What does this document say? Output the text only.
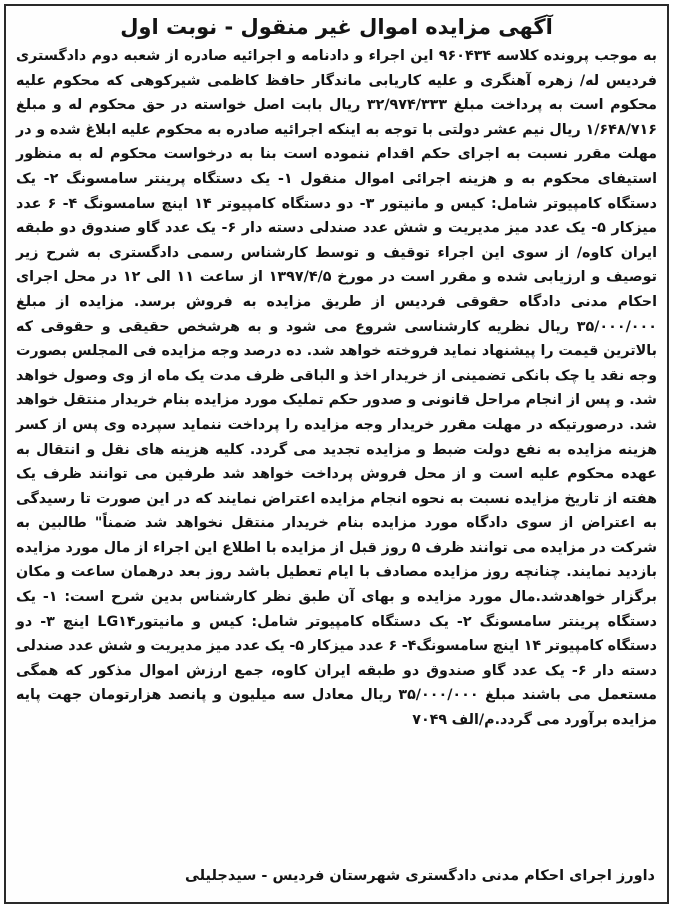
آگهی مزایده اموال غیر منقول - نوبت اول

به موجب پرونده کلاسه ۹۶۰۴۳۴ این اجراء و دادنامه و اجرائیه صادره از شعبه دوم دادگستری فردیس له/ زهره آهنگری و علیه کاریابی ماندگار حافظ کاظمی شیرکوهی که محکوم علیه محکوم است به پرداخت مبلغ ۳۲/۹۷۴/۳۳۳ ریال بابت اصل خواسته در حق محکوم له و مبلغ ۱/۶۴۸/۷۱۶ ریال نیم عشر دولتی با توجه به اینکه اجرائیه صادره به محکوم علیه ابلاغ شده و در مهلت مقرر نسبت به اجرای حکم اقدام ننموده است بنا به درخواست محکوم له به منظور استیفای محکوم به و هزینه اجرائی اموال منقول ۱- یک دستگاه پرینتر سامسونگ ۲- یک دستگاه کامپیوتر شامل: کیس و مانیتور ۳- دو دستگاه کامپیوتر ۱۴ اینچ سامسونگ ۴- ۶ عدد میزکار ۵- یک عدد میز مدیریت و شش عدد صندلی دسته دار ۶- یک عدد گاو صندوق دو طبقه ایران کاوه/ از سوی این اجراء توقیف و توسط کارشناس رسمی دادگستری به شرح زیر توصیف و ارزیابی شده و مقرر است در مورخ ۱۳۹۷/۴/۵ از ساعت ۱۱ الی ۱۲ در محل اجرای احکام مدنی دادگاه حقوقی فردیس از طریق مزایده به فروش برسد. مزایده از مبلغ ۳۵/۰۰۰/۰۰۰ ریال نظریه کارشناسی شروع می شود و به هرشخص حقیقی و حقوقی که بالاترین قیمت را پیشنهاد نماید فروخته خواهد شد. ده درصد وجه مزایده فی المجلس بصورت وجه نقد یا چک بانکی تضمینی از خریدار اخذ و الباقی ظرف مدت یک ماه از وی وصول خواهد شد. و پس از انجام مراحل قانونی و صدور حکم تملیک مورد مزایده بنام خریدار منتقل خواهد شد. درصورتیکه در مهلت مقرر خریدار وجه مزایده را پرداخت ننماید سپرده وی پس از کسر هزینه مزایده به نفع دولت ضبط و مزایده تجدید می گردد. کلیه هزینه های نقل و انتقال به عهده محکوم علیه است و از محل فروش پرداخت خواهد شد طرفین می توانند ظرف یک هفته از تاریخ مزایده نسبت به نحوه انجام مزایده اعتراض نمایند که در این صورت تا رسیدگی به اعتراض از سوی دادگاه مورد مزایده بنام خریدار منتقل نخواهد شد ضمناً" طالبین به شرکت در مزایده می توانند ظرف ۵ روز قبل از مزایده با اطلاع این اجراء از مال مورد مزایده بازدید نمایند. چنانچه روز مزایده مصادف با ایام تعطیل باشد روز بعد درهمان ساعت و مکان برگزار خواهدشد.مال مورد مزایده و بهای آن طبق نظر کارشناس بدین شرح است: ۱- یک دستگاه پرینتر سامسونگ ۲- یک دستگاه کامپیوتر شامل: کیس و مانیتورLG۱۴ اینچ ۳- دو دستگاه کامپیوتر ۱۴ اینچ سامسونگ۴- ۶ عدد میزکار ۵- یک عدد میز مدیریت و شش عدد صندلی دسته دار ۶- یک عدد گاو صندوق دو طبقه ایران کاوه، جمع ارزش اموال مذکور که همگی مستعمل می باشند مبلغ ۳۵/۰۰۰/۰۰۰ ریال معادل سه میلیون و پانصد هزارتومان جهت پایه مزایده برآورد می گردد.م/الف ۷۰۴۹

داورز اجرای احکام مدنی دادگستری شهرستان فردیس - سیدجلیلی
